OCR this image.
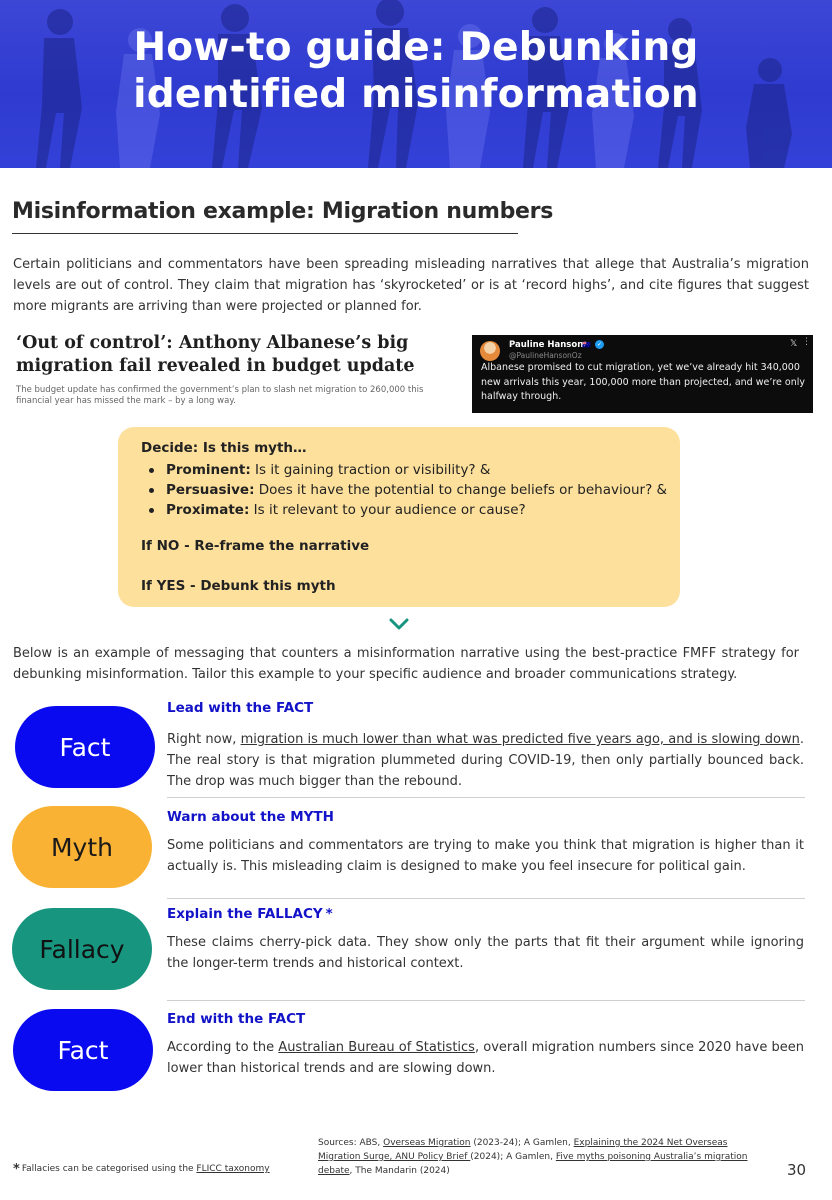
How-to guide: Debunking
identified misinformation
Misinformation example: Migration numbers

Certain politicians and commentators have been spreading misleading narratives that allege that Australia’s migration levels are out of control. They claim that migration has ‘skyrocketed’ or is at ‘record highs’, and cite figures that suggest more migrants are arriving than were projected or planned for.

‘Out of control’: Anthony Albanese’s big migration fail revealed in budget update
The budget update has confirmed the government’s plan to slash net migration to 260,000 this financial year has missed the mark – by a long way.
Pauline Hanson
🇦🇺	✓
@PaulineHansonOz
𝕏 ⋮
Albanese promised to cut migration, yet we’ve already hit 340,000 new arrivals this year, 100,000 more than projected, and we’re only halfway through.
Decide: Is this myth…
Prominent: Is it gaining traction or visibility? &
Persuasive: Does it have the potential to change beliefs or behaviour? &
Proximate: Is it relevant to your audience or cause?
If NO - Re-frame the narrative
If YES - Debunk this myth

Below is an example of messaging that counters a misinformation narrative using the best-practice FMFF strategy for debunking misinformation. Tailor this example to your specific audience and broader communications strategy.

Fact
Lead with the FACT

Right now, migration is much lower than what was predicted five years ago, and is slowing down. The real story is that migration plummeted during COVID-19, then only partially bounced back. The drop was much bigger than the rebound.

Myth
Warn about the MYTH

Some politicians and commentators are trying to make you think that migration is higher than it actually is. This misleading claim is designed to make you feel insecure for political gain.

Fallacy
Explain the FALLACY *

These claims cherry-pick data. They show only the parts that fit their argument while ignoring the longer-term trends and historical context.

Fact
End with the FACT

According to the Australian Bureau of Statistics, overall migration numbers since 2020 have been lower than historical trends and are slowing down.

* Fallacies can be categorised using the FLICC taxonomy
Sources: ABS, Overseas Migration (2023-24); A Gamlen, Explaining the 2024 Net Overseas Migration Surge, ANU Policy Brief (2024); A Gamlen, Five myths poisoning Australia’s migration debate, The Mandarin (2024)	30
